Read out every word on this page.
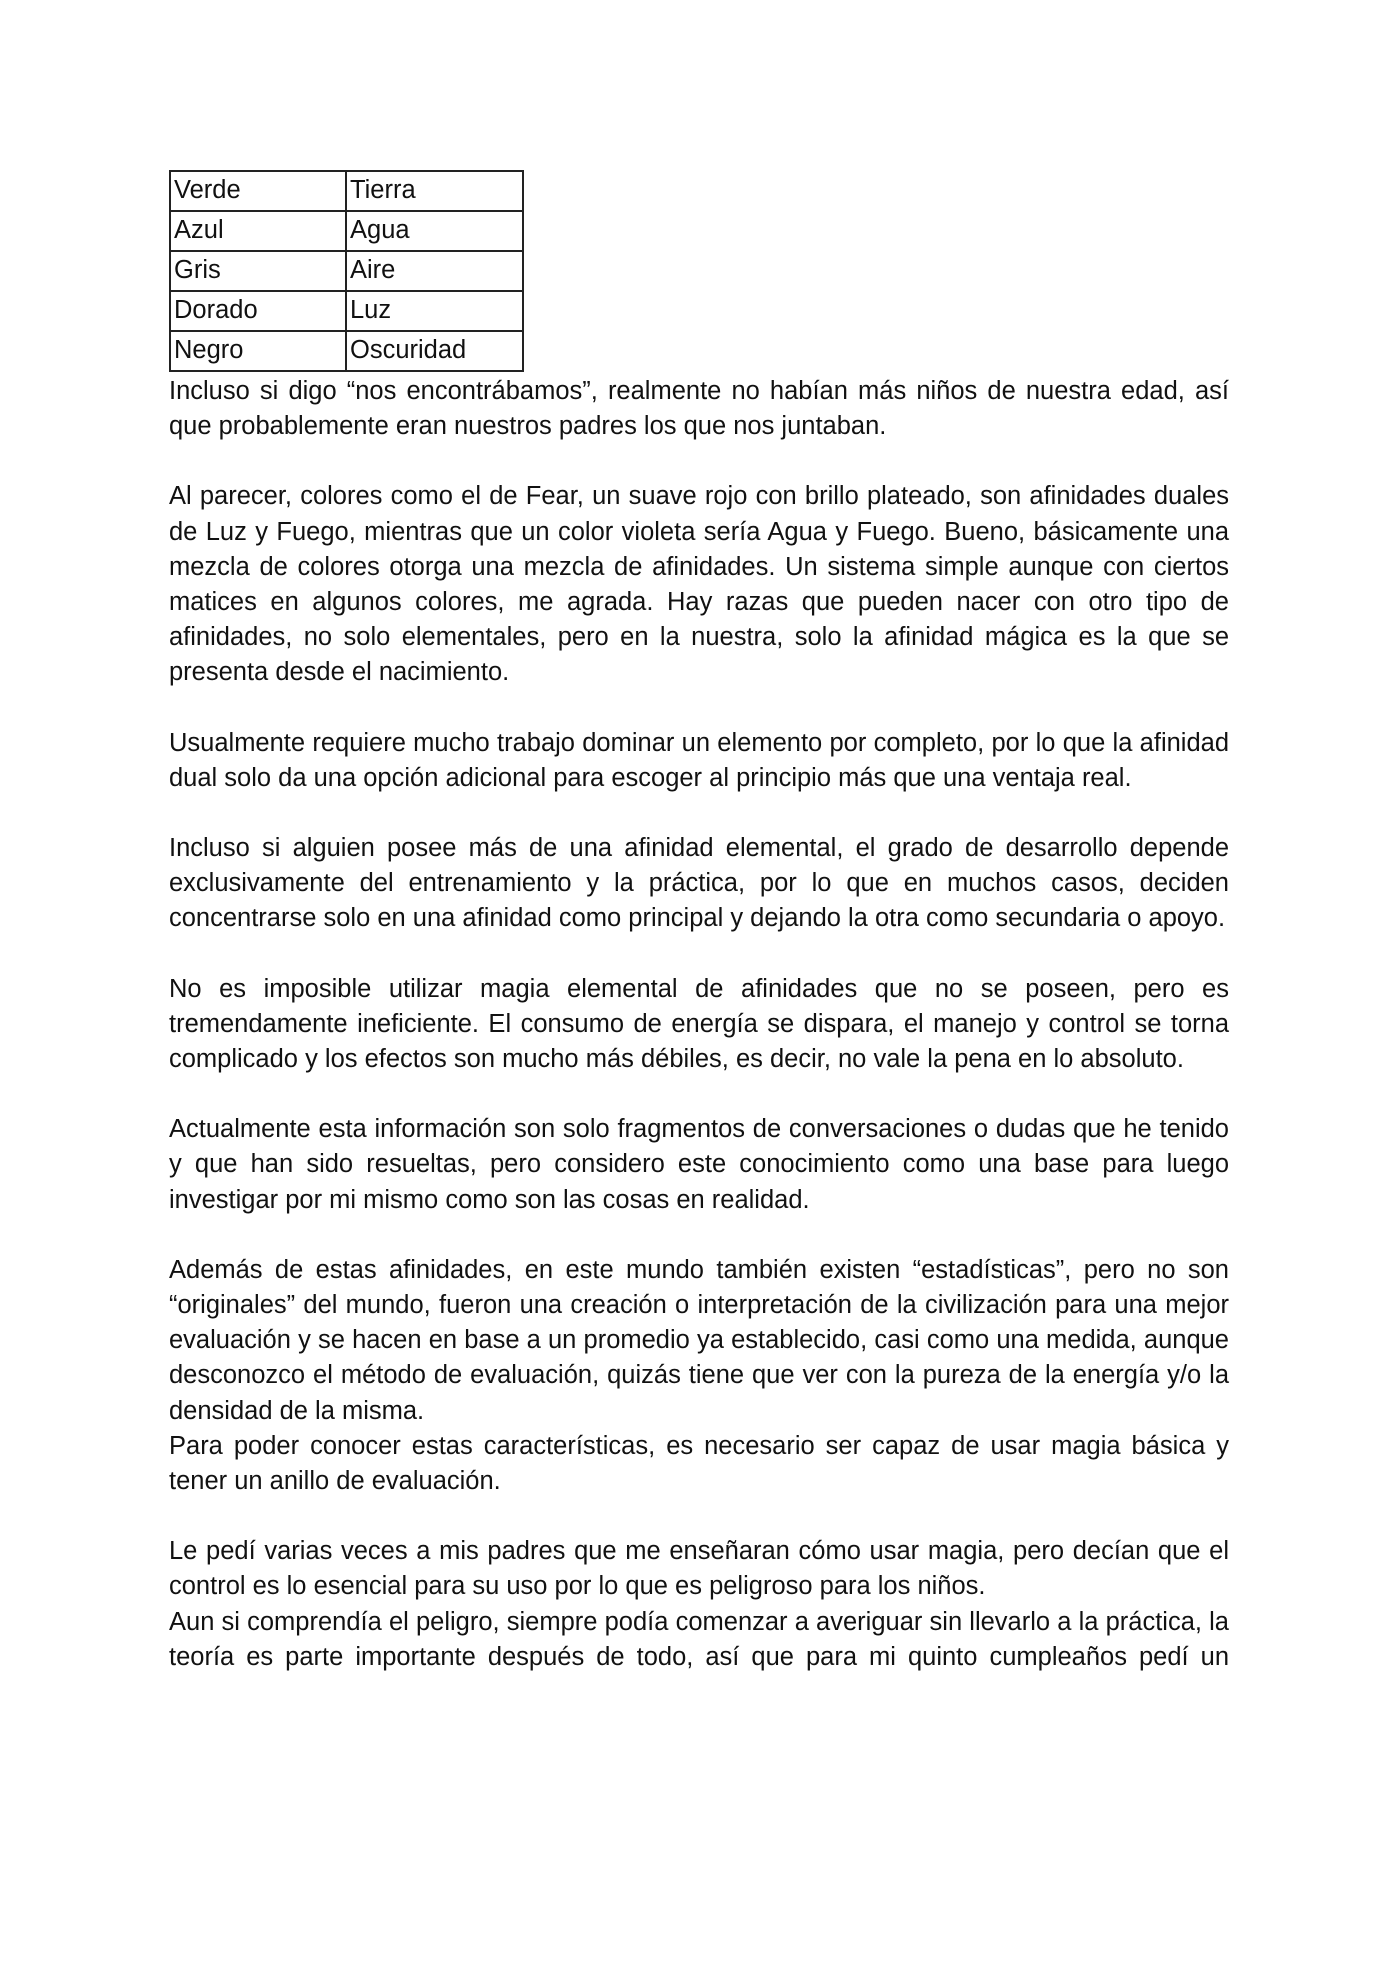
Verde	Tierra
Azul	Agua
Gris	Aire
Dorado	Luz
Negro	Oscuridad

Incluso si digo “nos encontrábamos”, realmente no habían más niños de nuestra edad, así que probablemente eran nuestros padres los que nos juntaban.

Al parecer, colores como el de Fear, un suave rojo con brillo plateado, son afinidades duales de Luz y Fuego, mientras que un color violeta sería Agua y Fuego. Bueno, básicamente una mezcla de colores otorga una mezcla de afinidades. Un sistema simple aunque con ciertos matices en algunos colores, me agrada. Hay razas que pueden nacer con otro tipo de afinidades, no solo elementales, pero en la nuestra, solo la afinidad mágica es la que se presenta desde el nacimiento.

Usualmente requiere mucho trabajo dominar un elemento por completo, por lo que la afinidad dual solo da una opción adicional para escoger al principio más que una ventaja real.

Incluso si alguien posee más de una afinidad elemental, el grado de desarrollo depende exclusivamente del entrenamiento y la práctica, por lo que en muchos casos, deciden concentrarse solo en una afinidad como principal y dejando la otra como secundaria o apoyo.

No es imposible utilizar magia elemental de afinidades que no se poseen, pero es tremendamente ineficiente. El consumo de energía se dispara, el manejo y control se torna complicado y los efectos son mucho más débiles, es decir, no vale la pena en lo absoluto.

Actualmente esta información son solo fragmentos de conversaciones o dudas que he tenido y que han sido resueltas, pero considero este conocimiento como una base para luego investigar por mi mismo como son las cosas en realidad.

Además de estas afinidades, en este mundo también existen “estadísticas”, pero no son “originales” del mundo, fueron una creación o interpretación de la civilización para una mejor evaluación y se hacen en base a un promedio ya establecido, casi como una medida, aunque desconozco el método de evaluación, quizás tiene que ver con la pureza de la energía y/o la densidad de la misma.

Para poder conocer estas características, es necesario ser capaz de usar magia básica y tener un anillo de evaluación.

Le pedí varias veces a mis padres que me enseñaran cómo usar magia, pero decían que el control es lo esencial para su uso por lo que es peligroso para los niños.

Aun si comprendía el peligro, siempre podía comenzar a averiguar sin llevarlo a la práctica, la teoría es parte importante después de todo, así que para mi quinto cumpleaños pedí un
